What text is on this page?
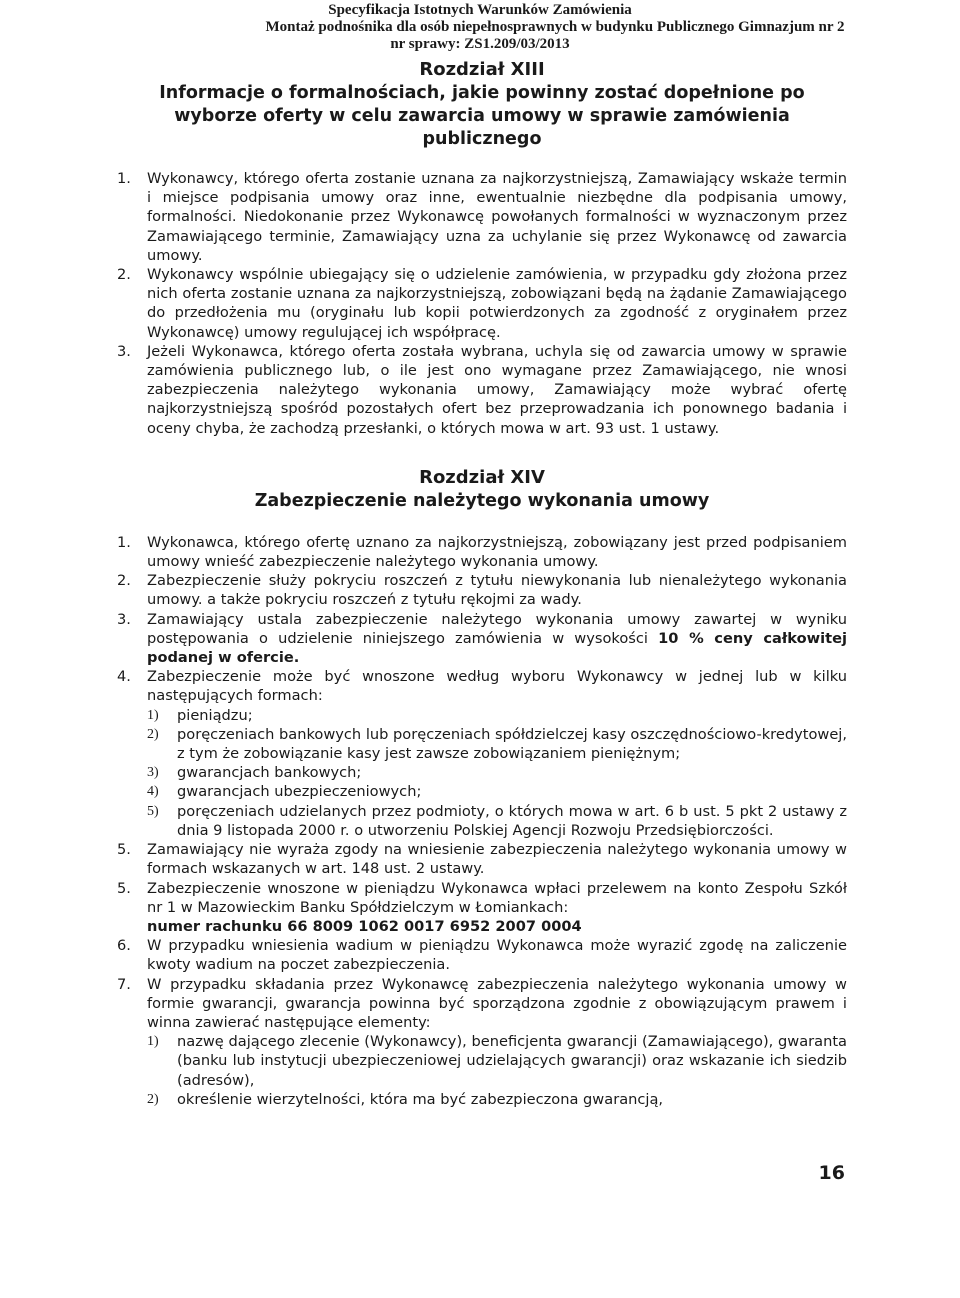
Specyfikacja Istotnych Warunków Zamówienia
Montaż podnośnika dla osób niepełnosprawnych w budynku Publicznego Gimnazjum nr 2
nr sprawy: ZS1.209/03/2013
Rozdział XIII
Informacje o formalnościach, jakie powinny zostać dopełnione po wyborze oferty w celu zawarcia umowy w sprawie zamówienia publicznego
1. Wykonawcy, którego oferta zostanie uznana za najkorzystniejszą, Zamawiający wskaże termin i miejsce podpisania umowy oraz inne, ewentualnie niezbędne dla podpisania umowy, formalności. Niedokonanie przez Wykonawcę powołanych formalności w wyznaczonym przez Zamawiającego terminie, Zamawiający uzna za uchylanie się przez Wykonawcę od zawarcia umowy.
2. Wykonawcy wspólnie ubiegający się o udzielenie zamówienia, w przypadku gdy złożona przez nich oferta zostanie uznana za najkorzystniejszą, zobowiązani będą na żądanie Zamawiającego do przedłożenia mu (oryginału lub kopii potwierdzonych za zgodność z oryginałem przez Wykonawcę) umowy regulującej ich współpracę.
3. Jeżeli Wykonawca, którego oferta została wybrana, uchyla się od zawarcia umowy w sprawie zamówienia publicznego lub, o ile jest ono wymagane przez Zamawiającego, nie wnosi zabezpieczenia należytego wykonania umowy, Zamawiający może wybrać ofertę najkorzystniejszą spośród pozostałych ofert bez przeprowadzania ich ponownego badania i oceny chyba, że zachodzą przesłanki, o których mowa w art. 93 ust. 1 ustawy.
Rozdział XIV
Zabezpieczenie należytego wykonania umowy
1. Wykonawca, którego ofertę uznano za najkorzystniejszą, zobowiązany jest przed podpisaniem umowy wnieść zabezpieczenie należytego wykonania umowy.
2. Zabezpieczenie służy pokryciu roszczeń z tytułu niewykonania lub nienależytego wykonania umowy. a także pokryciu roszczeń z tytułu rękojmi za wady.
3. Zamawiający ustala zabezpieczenie należytego wykonania umowy zawartej w wyniku postępowania o udzielenie niniejszego zamówienia w wysokości 10 % ceny całkowitej podanej w ofercie.
4. Zabezpieczenie może być wnoszone według wyboru Wykonawcy w jednej lub w kilku następujących formach:
1) pieniądzu;
2) poręczeniach bankowych lub poręczeniach spółdzielczej kasy oszczędnościowo-kredytowej, z tym że zobowiązanie kasy jest zawsze zobowiązaniem pieniężnym;
3) gwarancjach bankowych;
4) gwarancjach ubezpieczeniowych;
5) poręczeniach udzielanych przez podmioty, o których mowa w art. 6 b ust. 5 pkt 2 ustawy z dnia 9 listopada 2000 r. o utworzeniu Polskiej Agencji Rozwoju Przedsiębiorczości.
5. Zamawiający nie wyraża zgody na wniesienie zabezpieczenia należytego wykonania umowy w formach wskazanych w art. 148 ust. 2 ustawy.
5. Zabezpieczenie wnoszone w pieniądzu Wykonawca wpłaci przelewem na konto Zespołu Szkół nr 1 w Mazowieckim Banku Spółdzielczym w Łomiankach:
numer rachunku 66 8009 1062 0017 6952 2007 0004
6. W przypadku wniesienia wadium w pieniądzu Wykonawca może wyrazić zgodę na zaliczenie kwoty wadium na poczet zabezpieczenia.
7. W przypadku składania przez Wykonawcę zabezpieczenia należytego wykonania umowy w formie gwarancji, gwarancja powinna być sporządzona zgodnie z obowiązującym prawem i winna zawierać następujące elementy:
1) nazwę dającego zlecenie (Wykonawcy), beneficjenta gwarancji (Zamawiającego), gwaranta (banku lub instytucji ubezpieczeniowej udzielających gwarancji) oraz wskazanie ich siedzib (adresów),
2) określenie wierzytelności, która ma być zabezpieczona gwarancją,
16
